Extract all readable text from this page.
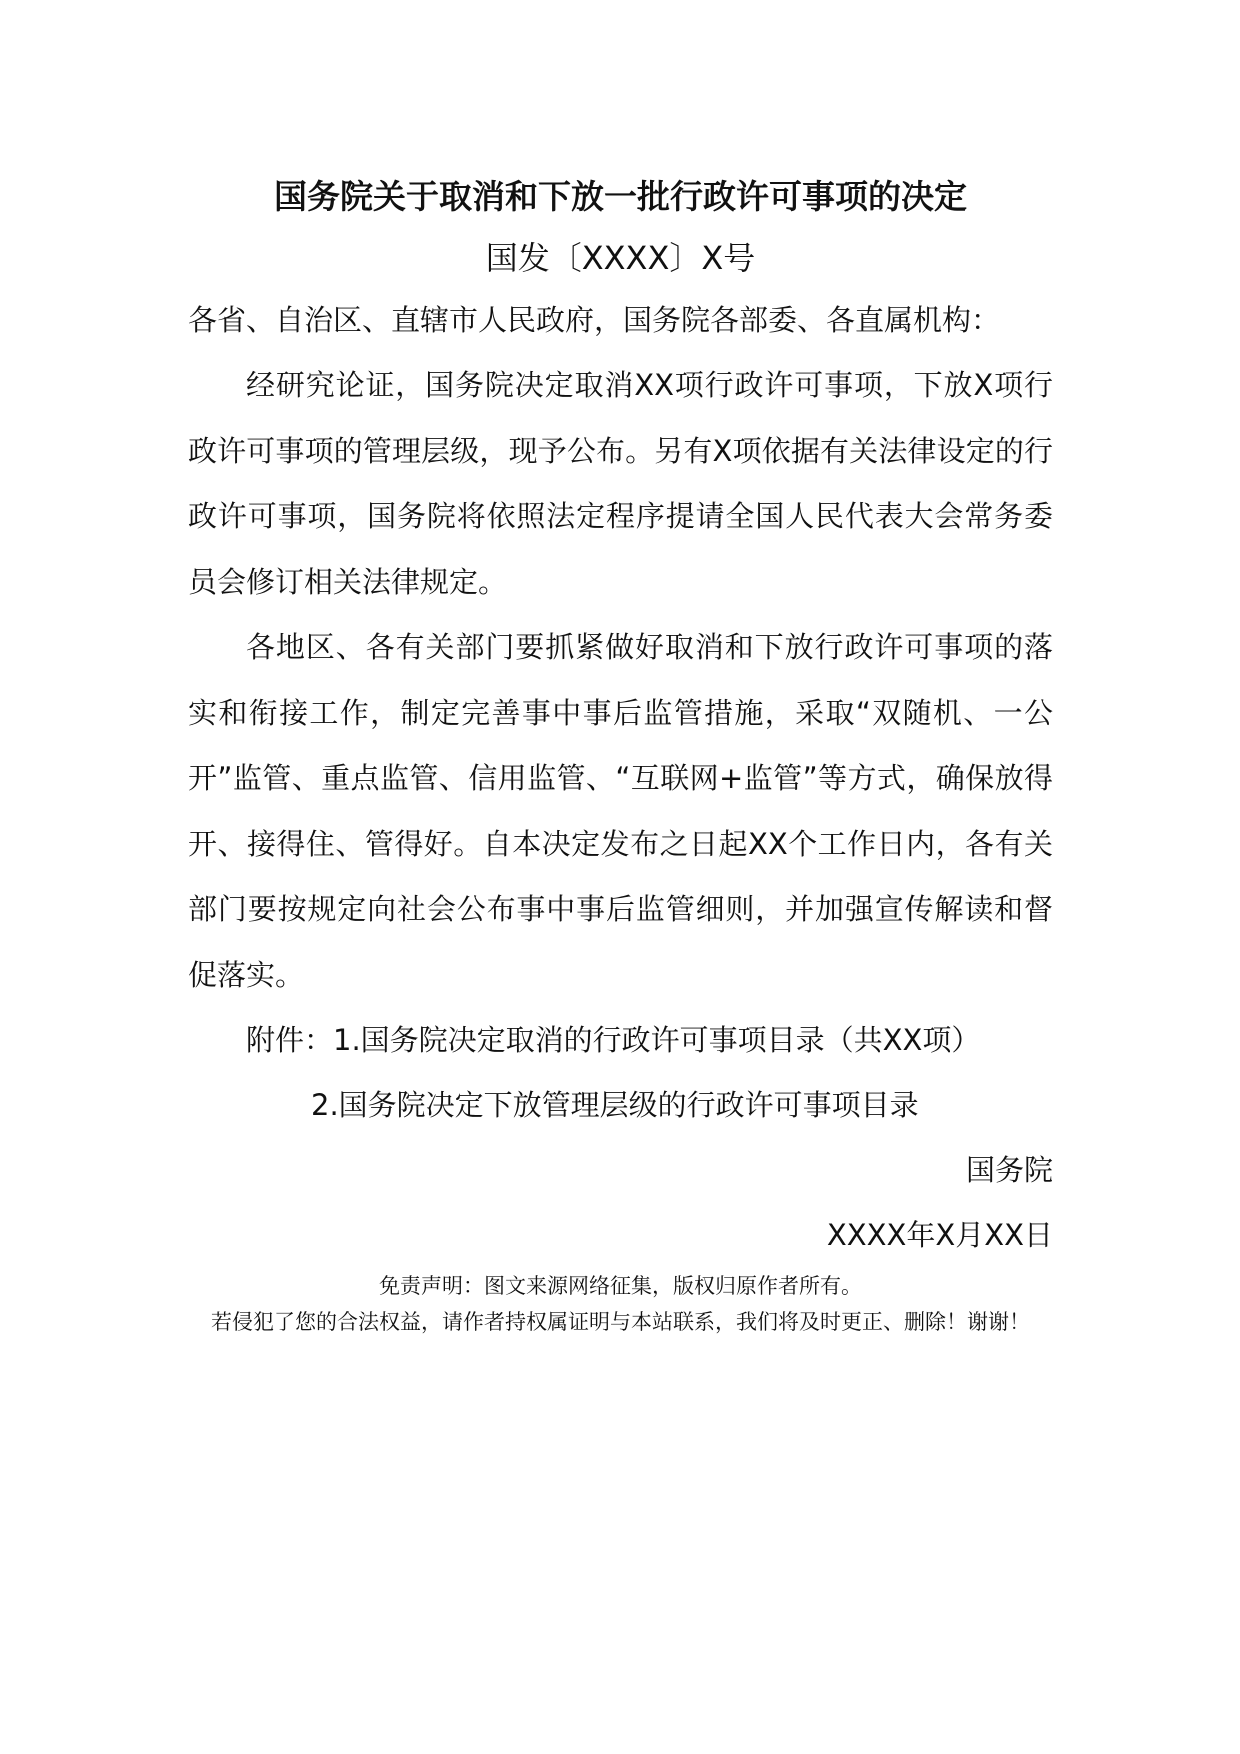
国务院关于取消和下放一批行政许可事项的决定

国发〔XXXX〕X号

各省、自治区、直辖市人民政府，国务院各部委、各直属机构：

经研究论证，国务院决定取消XX项行政许可事项，下放X项行政许可事项的管理层级，现予公布。另有X项依据有关法律设定的行政许可事项，国务院将依照法定程序提请全国人民代表大会常务委员会修订相关法律规定。

各地区、各有关部门要抓紧做好取消和下放行政许可事项的落实和衔接工作，制定完善事中事后监管措施，采取“双随机、一公开”监管、重点监管、信用监管、“互联网+监管”等方式，确保放得开、接得住、管得好。自本决定发布之日起XX个工作日内，各有关部门要按规定向社会公布事中事后监管细则，并加强宣传解读和督促落实。

附件：1.国务院决定取消的行政许可事项目录（共XX项）

2.国务院决定下放管理层级的行政许可事项目录

国务院

XXXX年X月XX日

免责声明：图文来源网络征集，版权归原作者所有。

若侵犯了您的合法权益，请作者持权属证明与本站联系，我们将及时更正、删除！谢谢！
